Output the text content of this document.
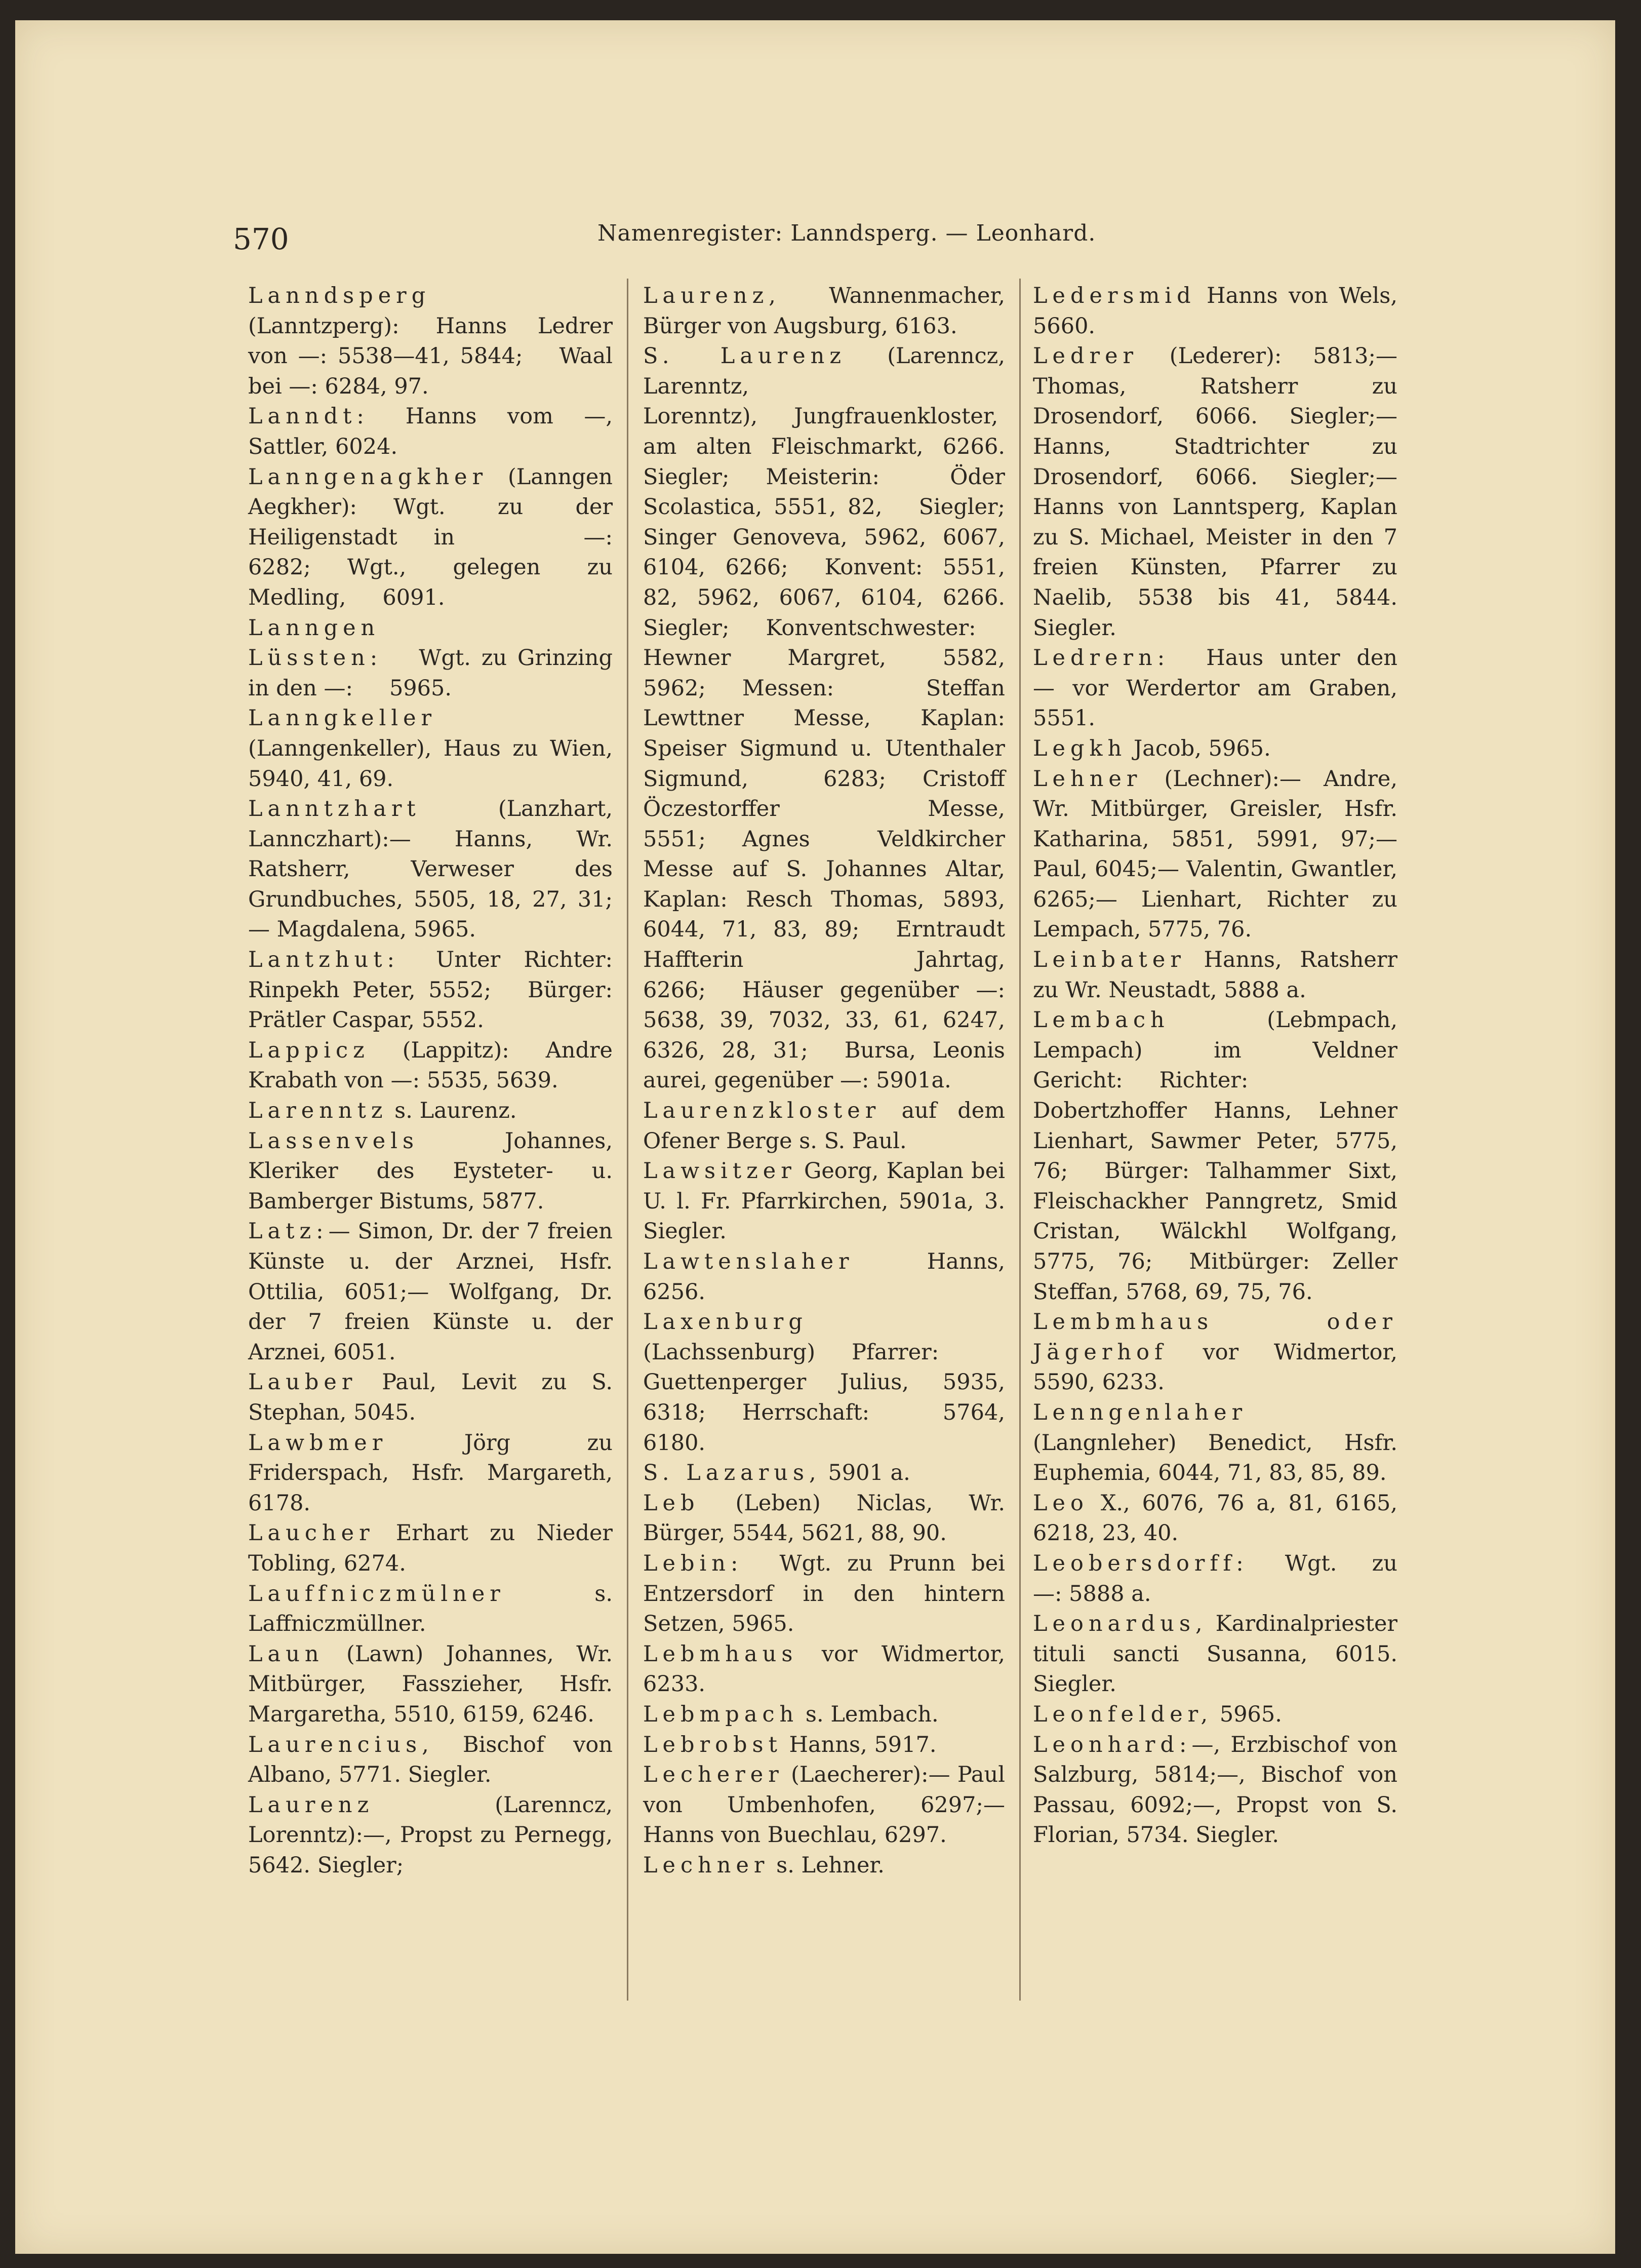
570	Namenregister: Lanndsperg. — Leonhard.
Lanndsperg (Lanntzperg): Hanns Ledrer von —: 5538—41, 5844; Waal bei —: 6284, 97.
Lanndt: Hanns vom —, Sattler, 6024.
Lanngenagkher (Lanngen Aegkher): Wgt. zu der Heiligenstadt in —: 6282; Wgt., gelegen zu Medling, 6091.
Lanngen Lüssten: Wgt. zu Grinzing in den —: 5965.
Lanngkeller (Lanngenkeller), Haus zu Wien, 5940, 41, 69.
Lanntzhart (Lanzhart, Lannczhart):— Hanns, Wr. Ratsherr, Verweser des Grundbuches, 5505, 18, 27, 31;— Magdalena, 5965.
Lantzhut: Unter Richter: Rinpekh Peter, 5552; Bürger: Prätler Caspar, 5552.
Lappicz (Lappitz): Andre Krabath von —: 5535, 5639.
Larenntz s. Laurenz.
Lassenvels Johannes, Kleriker des Eysteter- u. Bamberger Bistums, 5877.
Latz:— Simon, Dr. der 7 freien Künste u. der Arznei, Hsfr. Ottilia, 6051;— Wolfgang, Dr. der 7 freien Künste u. der Arznei, 6051.
Lauber Paul, Levit zu S. Stephan, 5045.
Lawbmer Jörg zu Friderspach, Hsfr. Margareth, 6178.
Laucher Erhart zu Nieder Tobling, 6274.
Lauffniczmülner s. Laffniczmüllner.
Laun (Lawn) Johannes, Wr. Mitbürger, Fasszieher, Hsfr. Margaretha, 5510, 6159, 6246.
Laurencius, Bischof von Albano, 5771. Siegler.
Laurenz (Larenncz, Lorenntz):—, Propst zu Pernegg, 5642. Siegler;
Laurenz, Wannenmacher, Bürger von Augsburg, 6163.
S. Laurenz (Larenncz, Larenntz, Lorenntz), Jungfrauenkloster, am alten Fleischmarkt, 6266. Siegler; Meisterin: Öder Scolastica, 5551, 82, Siegler; Singer Genoveva, 5962, 6067, 6104, 6266; Konvent: 5551, 82, 5962, 6067, 6104, 6266. Siegler; Konventschwester: Hewner Margret, 5582, 5962; Messen: Steffan Lewttner Messe, Kaplan: Speiser Sigmund u. Utenthaler Sigmund, 6283; Cristoff Öczestorffer Messe, 5551; Agnes Veldkircher Messe auf S. Johannes Altar, Kaplan: Resch Thomas, 5893, 6044, 71, 83, 89; Erntraudt Haffterin Jahrtag, 6266; Häuser gegenüber —: 5638, 39, 7032, 33, 61, 6247, 6326, 28, 31; Bursa, Leonis aurei, gegenüber —: 5901a.
Laurenzkloster auf dem Ofener Berge s. S. Paul.
Lawsitzer Georg, Kaplan bei U. l. Fr. Pfarrkirchen, 5901a, 3. Siegler.
Lawtenslaher Hanns, 6256.
Laxenburg (Lachssenburg) Pfarrer: Guettenperger Julius, 5935, 6318; Herrschaft: 5764, 6180.
S. Lazarus, 5901 a.
Leb (Leben) Niclas, Wr. Bürger, 5544, 5621, 88, 90.
Lebin: Wgt. zu Prunn bei Entzersdorf in den hintern Setzen, 5965.
Lebmhaus vor Widmertor, 6233.
Lebmpach s. Lembach.
Lebrobst Hanns, 5917.
Lecherer (Laecherer):— Paul von Umbenhofen, 6297;— Hanns von Buechlau, 6297.
Lechner s. Lehner.
Ledersmid Hanns von Wels, 5660.
Ledrer (Lederer): 5813;— Thomas, Ratsherr zu Drosendorf, 6066. Siegler;— Hanns, Stadtrichter zu Drosendorf, 6066. Siegler;— Hanns von Lanntsperg, Kaplan zu S. Michael, Meister in den 7 freien Künsten, Pfarrer zu Naelib, 5538 bis 41, 5844. Siegler.
Ledrern: Haus unter den — vor Werdertor am Graben, 5551.
Legkh Jacob, 5965.
Lehner (Lechner):— Andre, Wr. Mitbürger, Greisler, Hsfr. Katharina, 5851, 5991, 97;— Paul, 6045;— Valentin, Gwantler, 6265;— Lienhart, Richter zu Lempach, 5775, 76.
Leinbater Hanns, Ratsherr zu Wr. Neustadt, 5888 a.
Lembach (Lebmpach, Lempach) im Veldner Gericht: Richter: Dobertzhoffer Hanns, Lehner Lienhart, Sawmer Peter, 5775, 76; Bürger: Talhammer Sixt, Fleischackher Panngretz, Smid Cristan, Wälckhl Wolfgang, 5775, 76; Mitbürger: Zeller Steffan, 5768, 69, 75, 76.
Lembmhaus oder Jägerhof vor Widmertor, 5590, 6233.
Lenngenlaher (Langnleher) Benedict, Hsfr. Euphemia, 6044, 71, 83, 85, 89.
Leo X., 6076, 76 a, 81, 6165, 6218, 23, 40.
Leobersdorff: Wgt. zu —: 5888 a.
Leonardus, Kardinalpriester tituli sancti Susanna, 6015. Siegler.
Leonfelder, 5965.
Leonhard:—, Erzbischof von Salzburg, 5814;—, Bischof von Passau, 6092;—, Propst von S. Florian, 5734. Siegler.
